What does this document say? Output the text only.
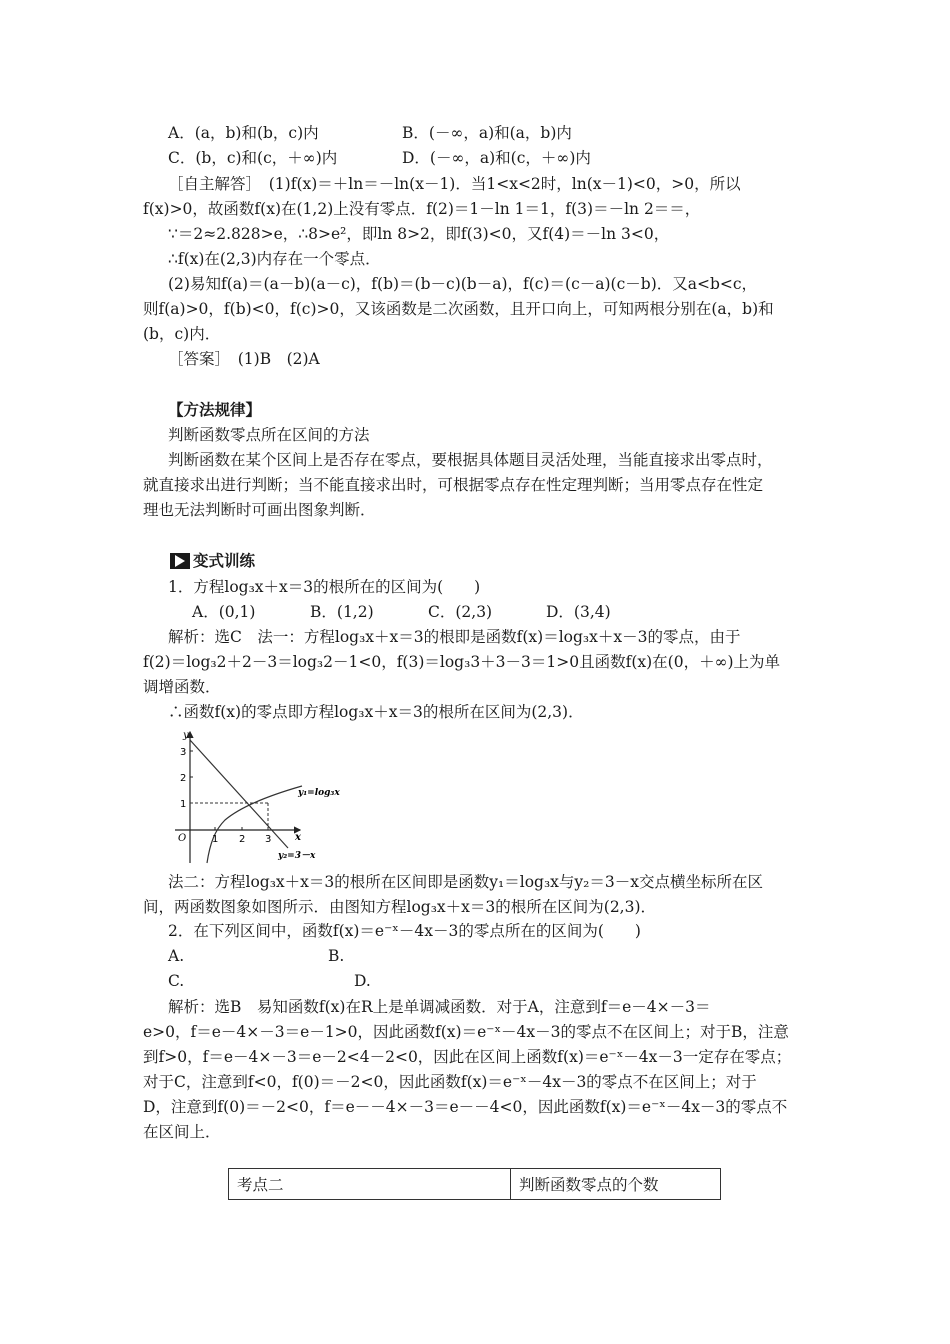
A．(a，b)和(b，c)内	B．(－∞，a)和(a，b)内
C．(b，c)和(c，＋∞)内	D．(－∞，a)和(c，＋∞)内
［自主解答］　(1)f(x)＝＋ln＝－ln(x－1)．当1<x<2时，ln(x－1)<0，>0，所以
f(x)>0，故函数f(x)在(1,2)上没有零点．f(2)＝1－ln 1＝1，f(3)＝－ln 2＝＝，
∵＝2≈2.828>e，∴8>e²，即ln 8>2，即f(3)<0，又f(4)＝－ln 3<0，
∴f(x)在(2,3)内存在一个零点．
(2)易知f(a)＝(a－b)(a－c)，f(b)＝(b－c)(b－a)，f(c)＝(c－a)(c－b)．又a<b<c，
则f(a)>0，f(b)<0，f(c)>0，又该函数是二次函数，且开口向上，可知两根分别在(a，b)和
(b，c)内．
［答案］　(1)B　(2)A
【方法规律】
判断函数零点所在区间的方法
判断函数在某个区间上是否存在零点，要根据具体题目灵活处理，当能直接求出零点时，
就直接求出进行判断；当不能直接求出时，可根据零点存在性定理判断；当用零点存在性定
理也无法判断时可画出图象判断．
变式训练
1．方程log₃x＋x＝3的根所在的区间为(　　)
A．(0,1)	B．(1,2)	C．(2,3)	D．(3,4)
解析：选C　法一：方程log₃x＋x＝3的根即是函数f(x)＝log₃x＋x－3的零点，由于
f(2)＝log₃2＋2－3＝log₃2－1<0，f(3)＝log₃3＋3－3＝1>0且函数f(x)在(0，＋∞)上为单
调增函数．
∴函数f(x)的零点即方程log₃x＋x＝3的根所在区间为(2,3)．
y
x
O	1 2 3
1
2
3
y₁=log₃x
y₂=3－x
法二：方程log₃x＋x＝3的根所在区间即是函数y₁＝log₃x与y₂＝3－x交点横坐标所在区
间，两函数图象如图所示．由图知方程log₃x＋x＝3的根所在区间为(2,3)．
2．在下列区间中，函数f(x)＝e⁻ˣ－4x－3的零点所在的区间为(　　)
A.	B.
C.	D.
解析：选B　易知函数f(x)在R上是单调减函数．对于A，注意到f＝e－4×－3＝
e>0，f＝e－4×－3＝e－1>0，因此函数f(x)＝e⁻ˣ－4x－3的零点不在区间上；对于B，注意
到f>0，f＝e－4×－3＝e－2<4－2<0，因此在区间上函数f(x)＝e⁻ˣ－4x－3一定存在零点；
对于C，注意到f<0，f(0)＝－2<0，因此函数f(x)＝e⁻ˣ－4x－3的零点不在区间上；对于
D，注意到f(0)＝－2<0，f＝e－－4×－3＝e－－4<0，因此函数f(x)＝e⁻ˣ－4x－3的零点不
在区间上．
考点二	判断函数零点的个数
